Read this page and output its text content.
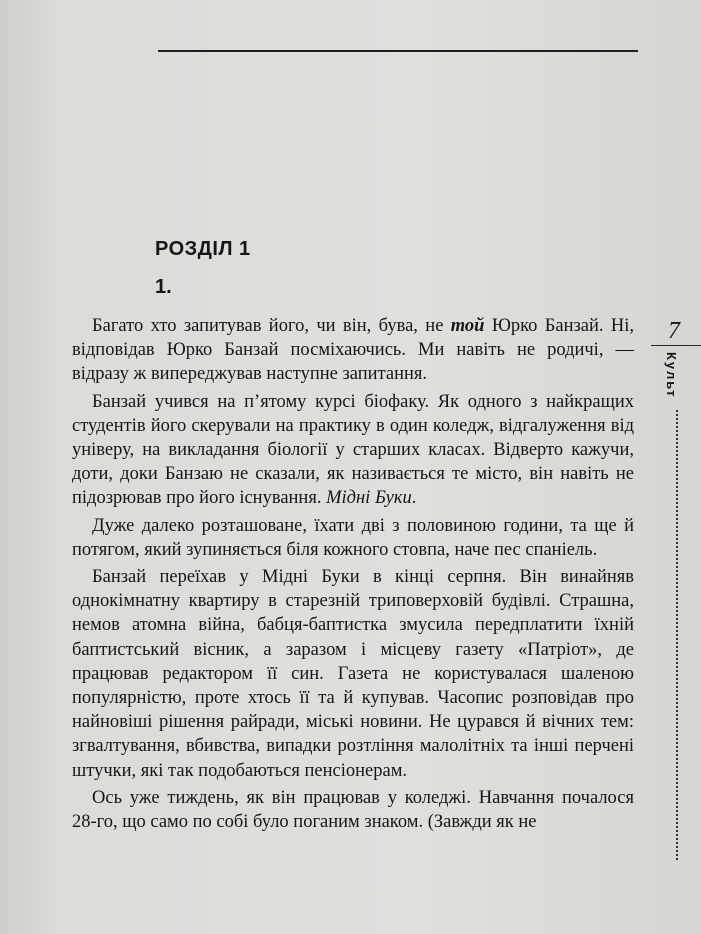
РОЗДІЛ 1
1.

Багато хто запитував його, чи він, бува, не той Юрко Банзай. Ні, відповідав Юрко Банзай посміхаючись. Ми навіть не родичі, — відразу ж випереджував наступне запитання.

Банзай учився на п’ятому курсі біофаку. Як одного з найкращих студентів його скерували на практику в один коледж, відгалуження від універу, на викладання біології у старших класах. Відверто кажучи, доти, доки Банзаю не сказали, як називається те місто, він навіть не підозрював про його існування. Мідні Буки.

Дуже далеко розташоване, їхати дві з половиною години, та ще й потягом, який зупиняється біля кожного стовпа, наче пес спаніель.

Банзай переїхав у Мідні Буки в кінці серпня. Він винайняв однокімнатну квартиру в старезній триповерховій будівлі. Страшна, немов атомна війна, бабця-баптистка змусила передплатити їхній баптистський вісник, а заразом і місцеву газету «Патріот», де працював редактором її син. Газета не користувалася шаленою популярністю, проте хтось її та й купував. Часопис розповідав про найновіші рішення райради, міські новини. Не цурався й вічних тем: згвалтування, вбивства, випадки розтління малолітніх та інші перчені штучки, які так подобаються пенсіонерам.

Ось уже тиждень, як він працював у коледжі. Навчання почалося 28-го, що само по собі було поганим знаком. (Завжди як не

7
Культ
